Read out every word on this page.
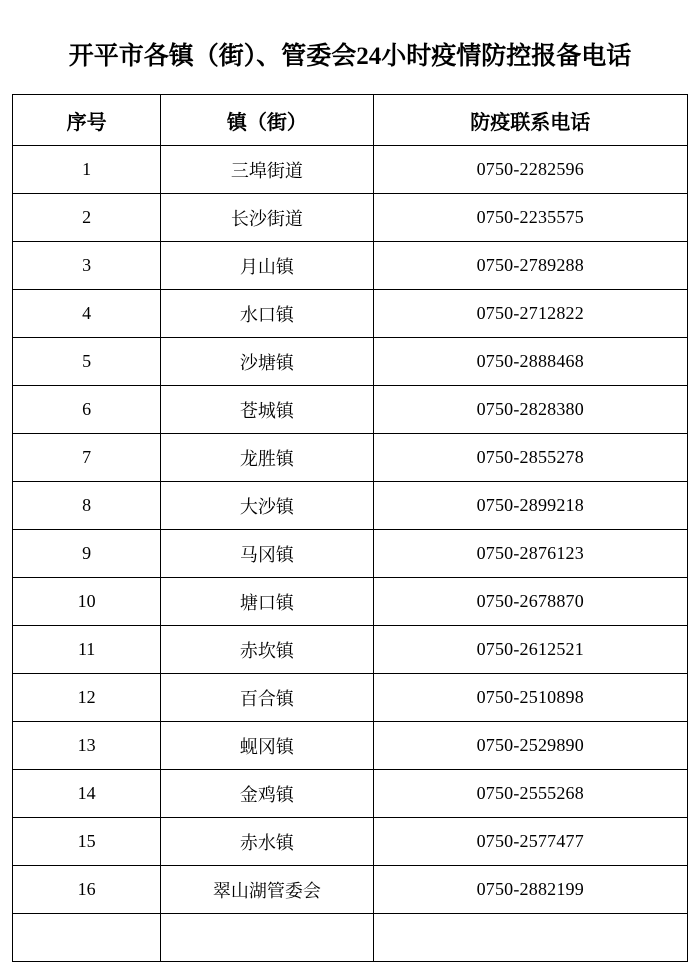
开平市各镇（街）、管委会24小时疫情防控报备电话
序号	镇（街）	防疫联系电话
1	三埠街道	0750-2282596
2	长沙街道	0750-2235575
3	月山镇	0750-2789288
4	水口镇	0750-2712822
5	沙塘镇	0750-2888468
6	苍城镇	0750-2828380
7	龙胜镇	0750-2855278
8	大沙镇	0750-2899218
9	马冈镇	0750-2876123
10	塘口镇	0750-2678870
11	赤坎镇	0750-2612521
12	百合镇	0750-2510898
13	蚬冈镇	0750-2529890
14	金鸡镇	0750-2555268
15	赤水镇	0750-2577477
16	翠山湖管委会	0750-2882199
